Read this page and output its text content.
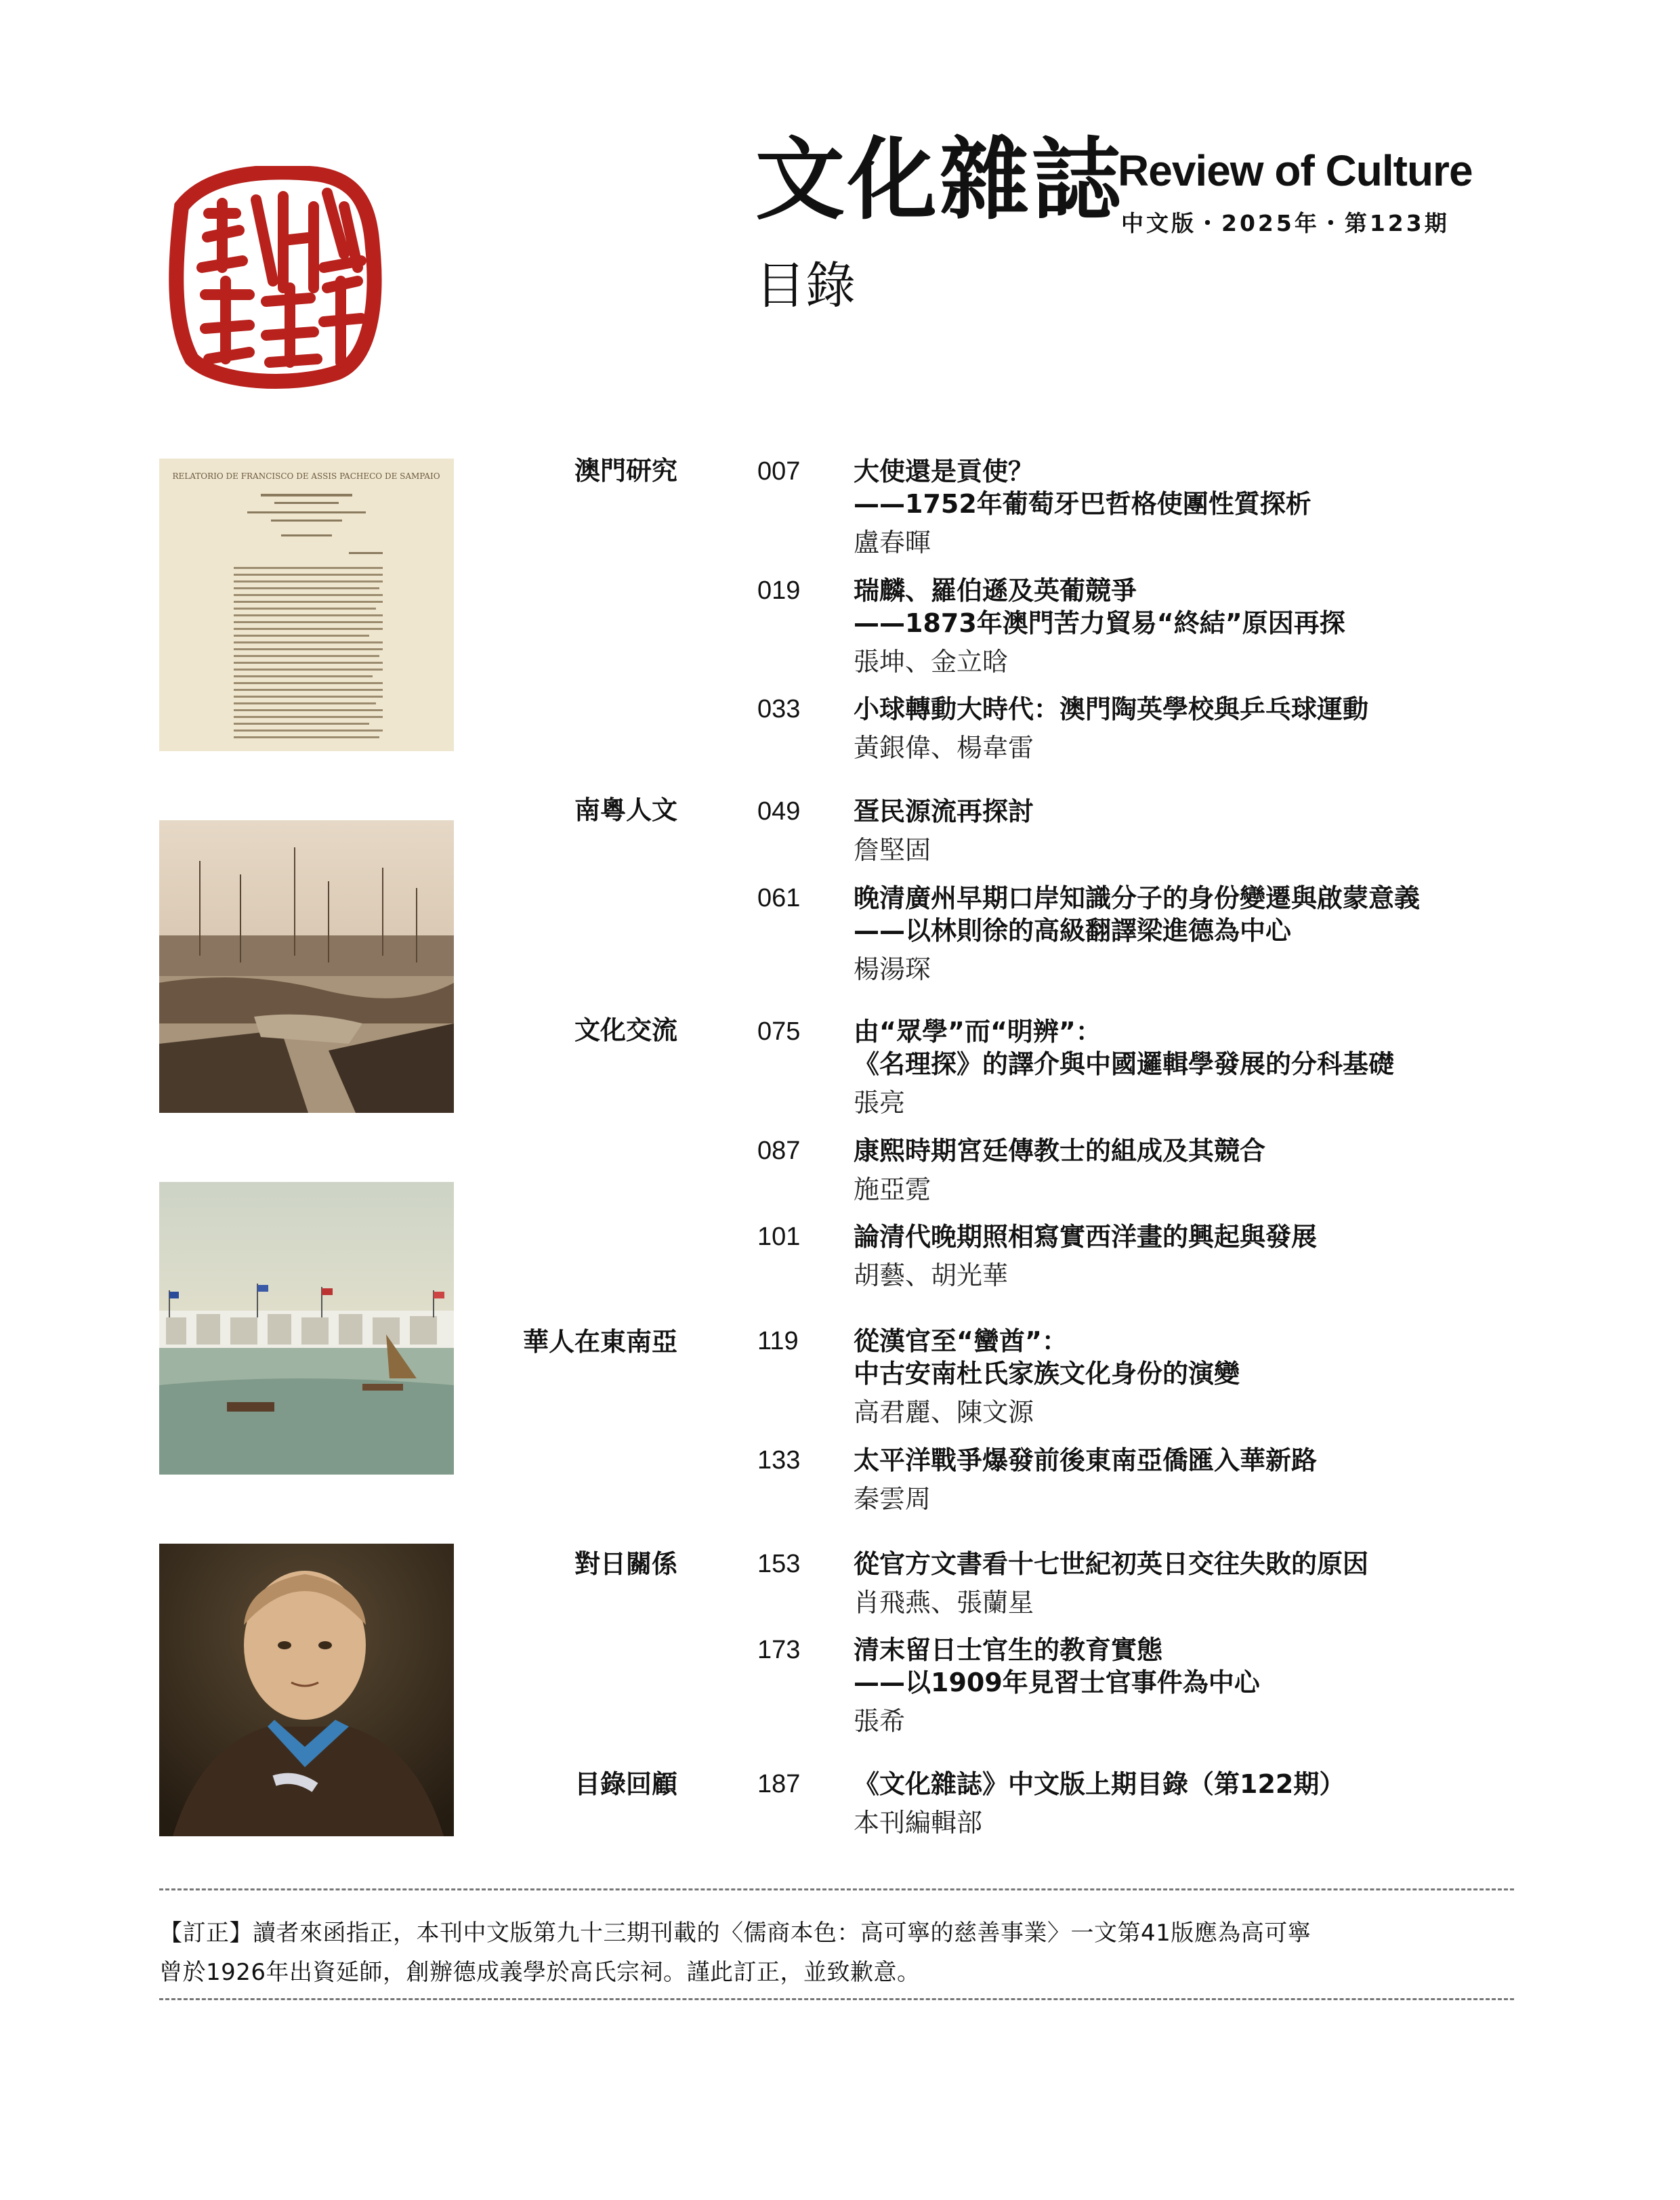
文化雜誌
Review of Culture
中文版・2025年・第123期
目錄
RELATORIO DE FRANCISCO DE ASSIS PACHECO DE SAMPAIO	澳門研究
南粵人文
文化交流
華人在東南亞
對日關係
目錄回顧
007 大使還是貢使？
——1752年葡萄牙巴哲格使團性質探析
盧春暉
019 瑞麟、羅伯遜及英葡競爭
——1873年澳門苦力貿易“終結”原因再探
張坤、金立晗
033 小球轉動大時代：澳門陶英學校與乒乓球運動
黃銀偉、楊韋雷
049 疍民源流再探討
詹堅固
061 晚清廣州早期口岸知識分子的身份變遷與啟蒙意義
——以林則徐的高級翻譯梁進德為中心
楊湯琛
075 由“眾學”而“明辨”：
《名理探》的譯介與中國邏輯學發展的分科基礎
張亮
087 康熙時期宮廷傳教士的組成及其競合
施亞霓
101 論清代晚期照相寫實西洋畫的興起與發展
胡藝、胡光華
119 從漢官至“蠻酋”：
中古安南杜氏家族文化身份的演變
高君麗、陳文源
133 太平洋戰爭爆發前後東南亞僑匯入華新路
秦雲周
153 從官方文書看十七世紀初英日交往失敗的原因
肖飛燕、張蘭星
173 清末留日士官生的教育實態
——以1909年見習士官事件為中心
張希
187 《文化雜誌》中文版上期目錄（第122期）
本刊編輯部
【訂正】讀者來函指正，本刊中文版第九十三期刊載的〈儒商本色：高可寧的慈善事業〉一文第41版應為高可寧
曾於1926年出資延師，創辦德成義學於高氏宗祠。謹此訂正，並致歉意。
